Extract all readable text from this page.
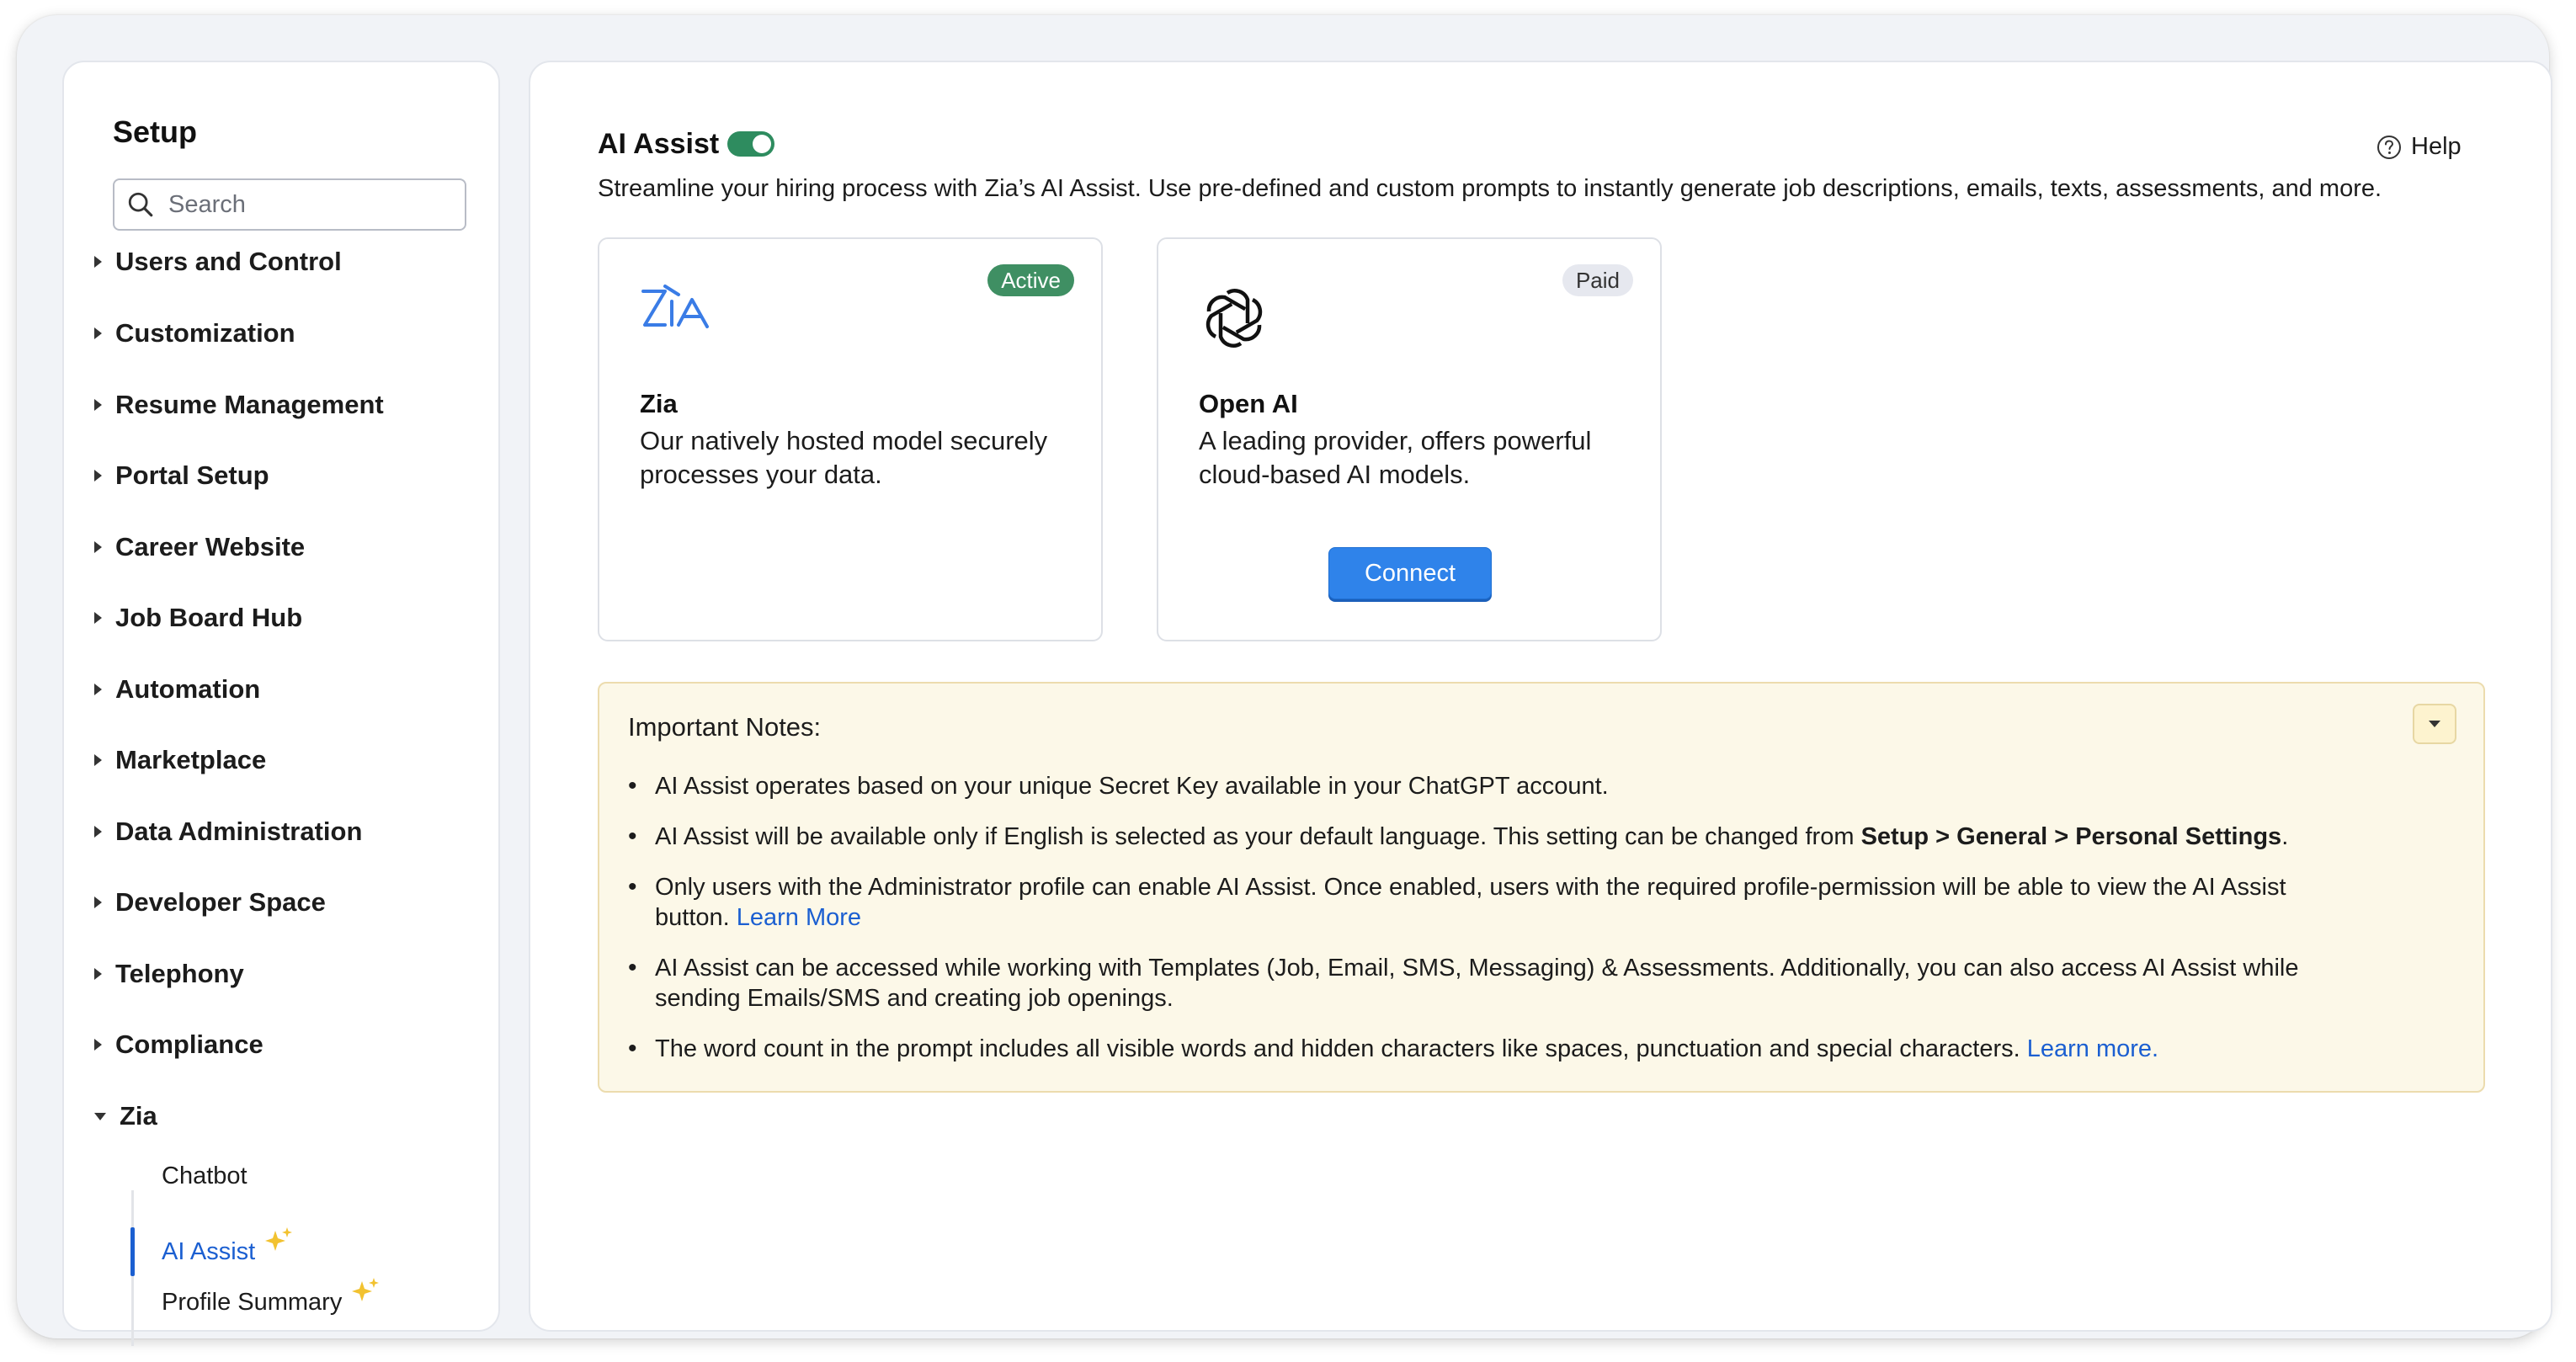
Setup
Search
Users and Control
Customization
Resume Management
Portal Setup
Career Website
Job Board Hub
Automation
Marketplace
Data Administration
Developer Space
Telephony
Compliance
Zia
Chatbot
AI Assist
Profile Summary
AI Assist	Help
Streamline your hiring process with Zia’s AI Assist. Use pre-defined and custom prompts to instantly generate job descriptions, emails, texts, assessments, and more.
Active
Zia
Our natively hosted model securely processes your data.
Paid
Open AI
A leading provider, offers powerful cloud-based AI models.
Connect
Important Notes:
• AI Assist operates based on your unique Secret Key available in your ChatGPT account.
• AI Assist will be available only if English is selected as your default language. This setting can be changed from Setup > General > Personal Settings.
• Only users with the Administrator profile can enable AI Assist. Once enabled, users with the required profile-permission will be able to view the AI Assist button. Learn More
• AI Assist can be accessed while working with Templates (Job, Email, SMS, Messaging) & Assessments. Additionally, you can also access AI Assist while sending Emails/SMS and creating job openings.
• The word count in the prompt includes all visible words and hidden characters like spaces, punctuation and special characters. Learn more.
